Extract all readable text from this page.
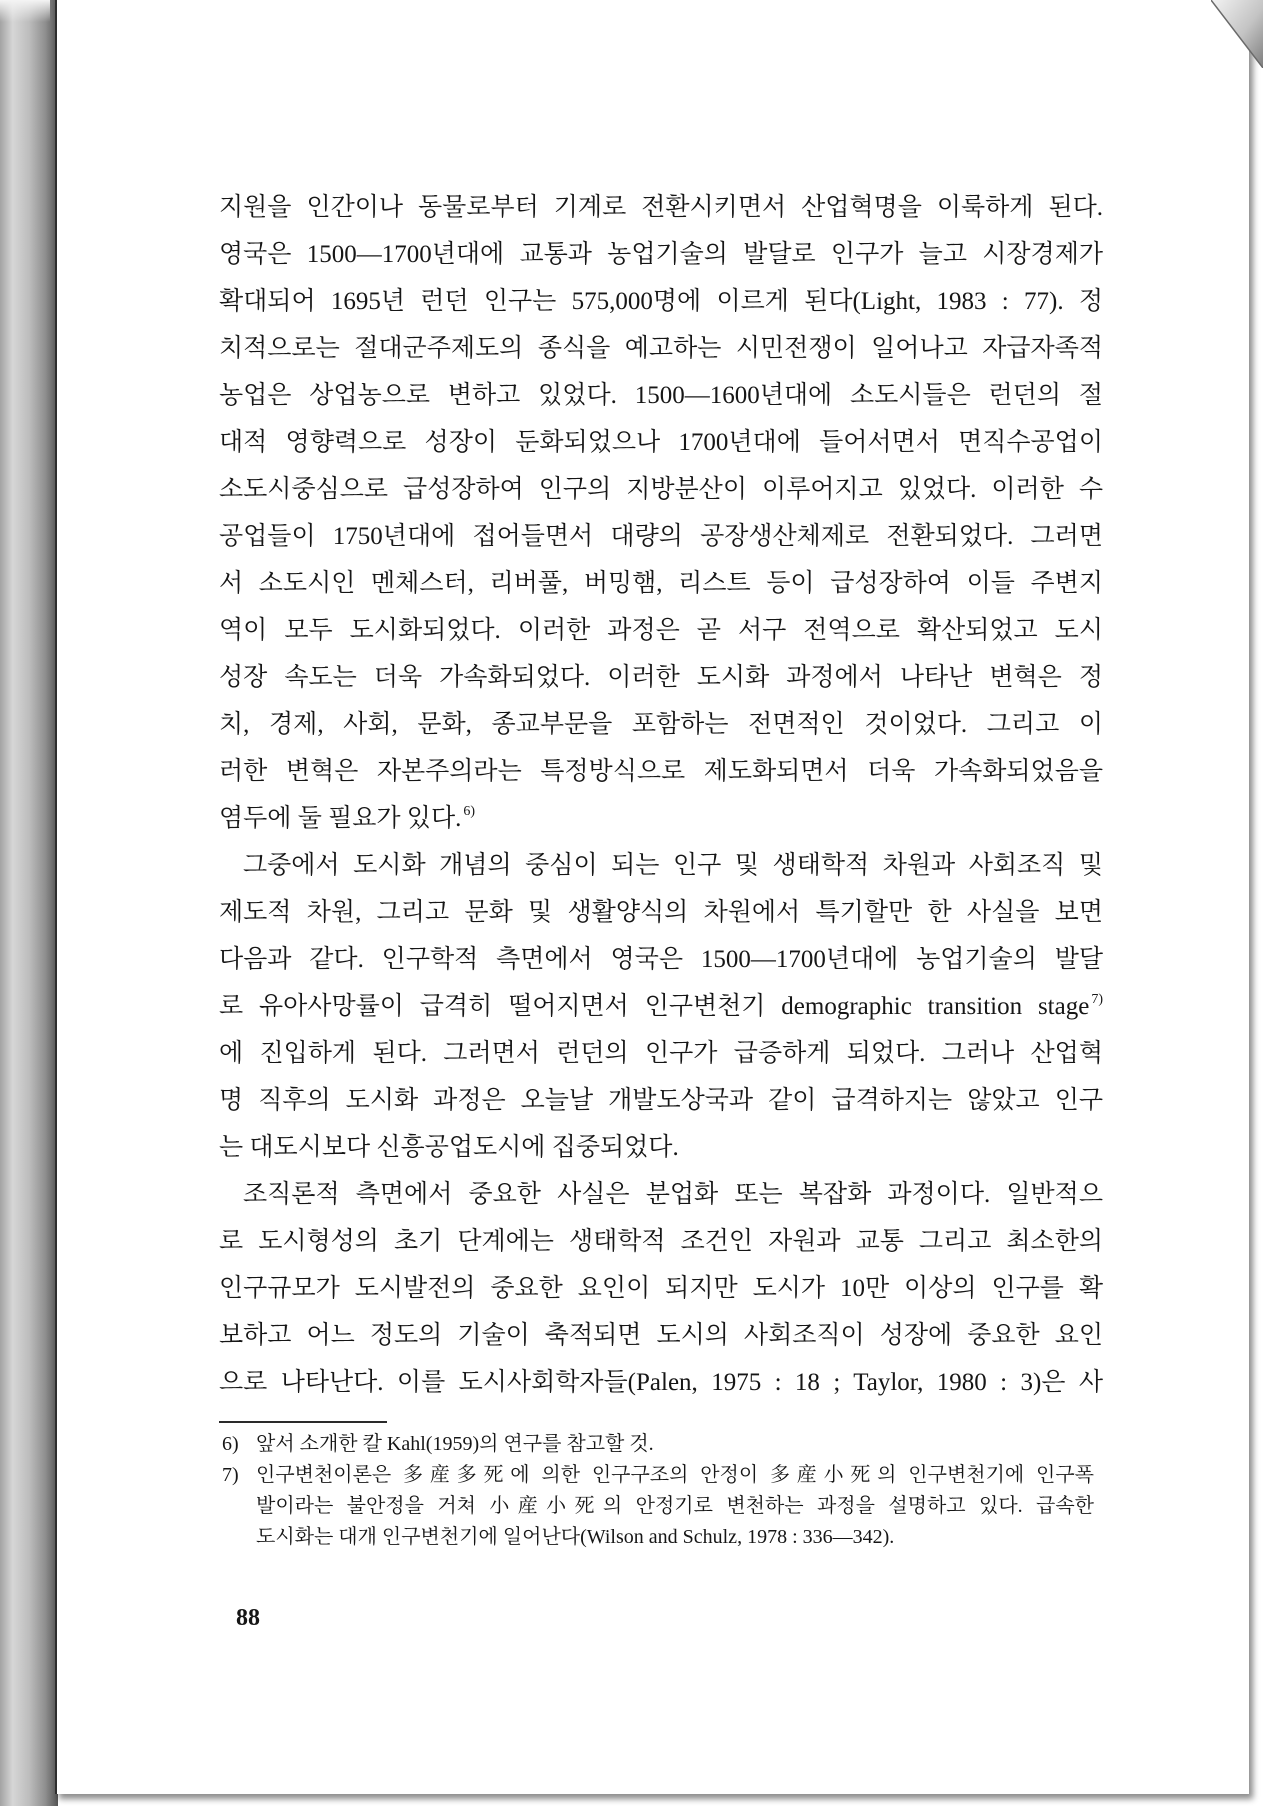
지원을 인간이나 동물로부터 기계로 전환시키면서 산업혁명을 이룩하게 된다.
영국은 1500—1700년대에 교통과 농업기술의 발달로 인구가 늘고 시장경제가
확대되어 1695년 런던 인구는 575,000명에 이르게 된다(Light, 1983 : 77). 정
치적으로는 절대군주제도의 종식을 예고하는 시민전쟁이 일어나고 자급자족적
농업은 상업농으로 변하고 있었다. 1500—1600년대에 소도시들은 런던의 절
대적 영향력으로 성장이 둔화되었으나 1700년대에 들어서면서 면직수공업이
소도시중심으로 급성장하여 인구의 지방분산이 이루어지고 있었다. 이러한 수
공업들이 1750년대에 접어들면서 대량의 공장생산체제로 전환되었다. 그러면
서 소도시인 멘체스터, 리버풀, 버밍햄, 리스트 등이 급성장하여 이들 주변지
역이 모두 도시화되었다. 이러한 과정은 곧 서구 전역으로 확산되었고 도시
성장 속도는 더욱 가속화되었다. 이러한 도시화 과정에서 나타난 변혁은 정
치, 경제, 사회, 문화, 종교부문을 포함하는 전면적인 것이었다. 그리고 이
러한 변혁은 자본주의라는 특정방식으로 제도화되면서 더욱 가속화되었음을
염두에 둘 필요가 있다. $^{6)}$
그중에서 도시화 개념의 중심이 되는 인구 및 생태학적 차원과 사회조직 및
제도적 차원, 그리고 문화 및 생활양식의 차원에서 특기할만 한 사실을 보면
다음과 같다. 인구학적 측면에서 영국은 1500—1700년대에 농업기술의 발달
로 유아사망률이 급격히 떨어지면서 인구변천기 demographic transition stage $^{7)}$
에 진입하게 된다. 그러면서 런던의 인구가 급증하게 되었다. 그러나 산업혁
명 직후의 도시화 과정은 오늘날 개발도상국과 같이 급격하지는 않았고 인구
는 대도시보다 신흥공업도시에 집중되었다.
조직론적 측면에서 중요한 사실은 분업화 또는 복잡화 과정이다. 일반적으
로 도시형성의 초기 단계에는 생태학적 조건인 자원과 교통 그리고 최소한의
인구규모가 도시발전의 중요한 요인이 되지만 도시가 10만 이상의 인구를 확
보하고 어느 정도의 기술이 축적되면 도시의 사회조직이 성장에 중요한 요인
으로 나타난다. 이를 도시사회학자들(Palen, 1975 : 18 ; Taylor, 1980 : 3)은 사
6) 앞서 소개한 칼 Kahl(1959)의 연구를 참고할 것.
7) 인구변천이론은 多産多死에 의한 인구구조의 안정이 多産小死의 인구변천기에 인구폭
발이라는 불안정을 거쳐 小産小死의 안정기로 변천하는 과정을 설명하고 있다. 급속한
도시화는 대개 인구변천기에 일어난다(Wilson and Schulz, 1978 : 336—342).
88
